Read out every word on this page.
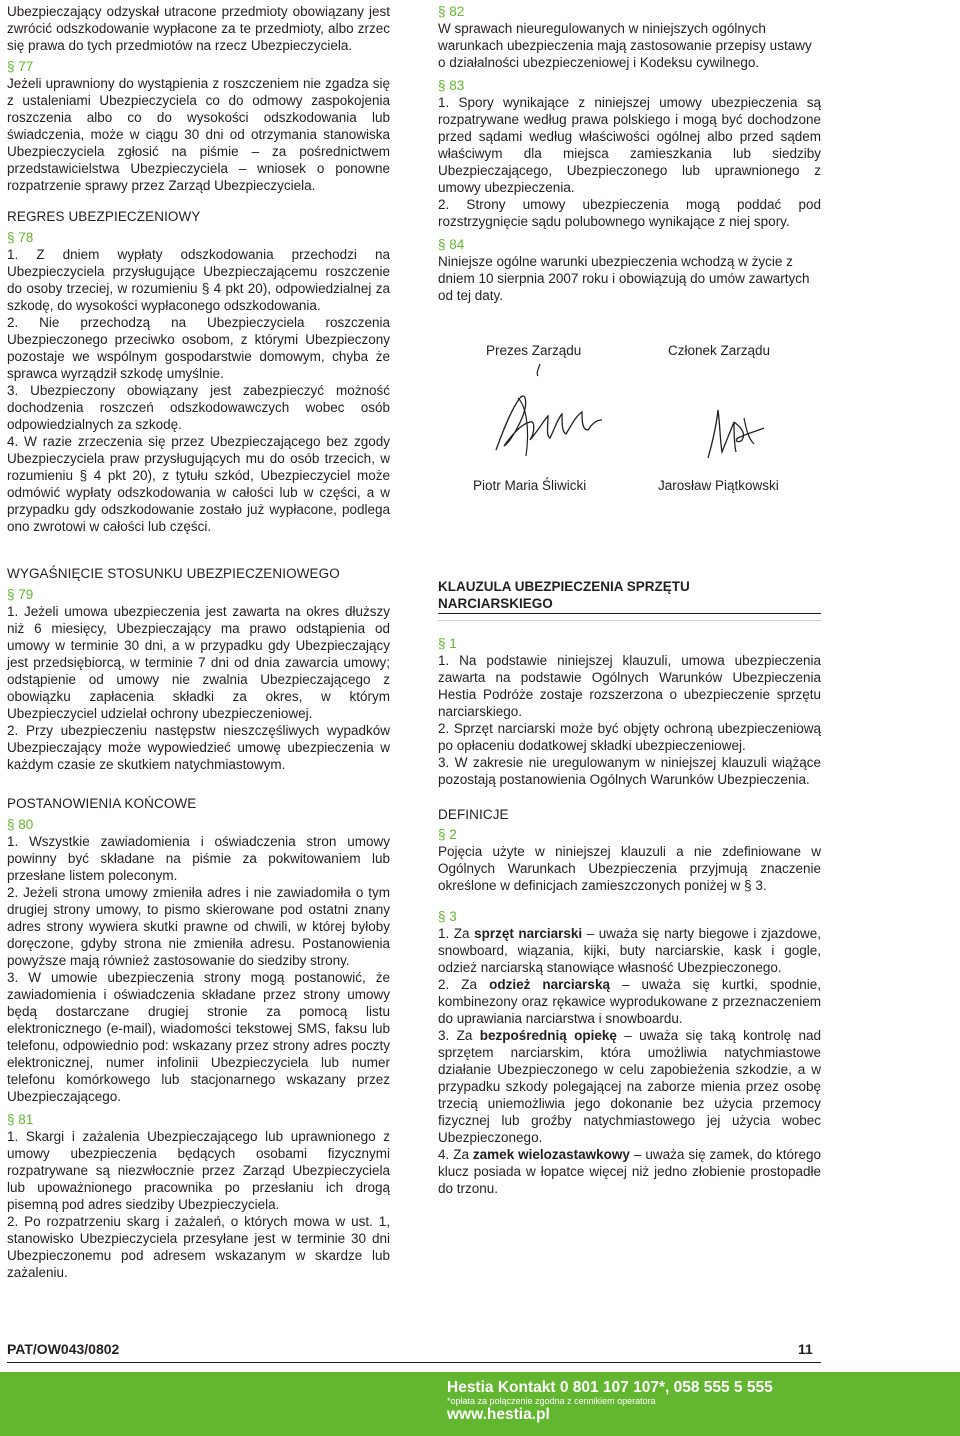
Ubezpieczający odzyskał utracone przedmioty obowiązany jest zwrócić odszkodowanie wypłacone za te przedmioty, albo zrzec się prawa do tych przedmiotów na rzecz Ubezpieczyciela.

§ 77

Jeżeli uprawniony do wystąpienia z roszczeniem nie zgadza się z ustaleniami Ubezpieczyciela co do odmowy zaspokojenia roszczenia albo co do wysokości odszkodowania lub świadczenia, może w ciągu 30 dni od otrzymania stanowiska Ubezpieczyciela zgłosić na piśmie – za pośrednictwem przedstawicielstwa Ubezpieczyciela – wniosek o ponowne rozpatrzenie sprawy przez Zarząd Ubezpieczyciela.

REGRES UBEZPIECZENIOWY
§ 78

1. Z dniem wypłaty odszkodowania przechodzi na Ubezpieczyciela przysługujące Ubezpieczającemu roszczenie do osoby trzeciej, w rozumieniu § 4 pkt 20), odpowiedzialnej za szkodę, do wysokości wypłaconego odszkodowania.

2. Nie przechodzą na Ubezpieczyciela roszczenia Ubezpieczonego przeciwko osobom, z którymi Ubezpieczony pozostaje we wspólnym gospodarstwie domowym, chyba że sprawca wyrządził szkodę umyślnie.

3. Ubezpieczony obowiązany jest zabezpieczyć możność dochodzenia roszczeń odszkodowawczych wobec osób odpowiedzialnych za szkodę.

4. W razie zrzeczenia się przez Ubezpieczającego bez zgody Ubezpieczyciela praw przysługujących mu do osób trzecich, w rozumieniu § 4 pkt 20), z tytułu szkód, Ubezpieczyciel może odmówić wypłaty odszkodowania w całości lub w części, a w przypadku gdy odszkodowanie zostało już wypłacone, podlega ono zwrotowi w całości lub części.

§ 82

W sprawach nieuregulowanych w niniejszych ogólnych warunkach ubezpieczenia mają zastosowanie przepisy ustawy o działalności ubezpieczeniowej i Kodeksu cywilnego.

§ 83

1. Spory wynikające z niniejszej umowy ubezpieczenia są rozpatrywane według prawa polskiego i mogą być dochodzone przed sądami według właściwości ogólnej albo przed sądem właściwym dla miejsca zamieszkania lub siedziby Ubezpieczającego, Ubezpieczonego lub uprawnionego z umowy ubezpieczenia.

2. Strony umowy ubezpieczenia mogą poddać pod rozstrzygnięcie sądu polubownego wynikające z niej spory.

§ 84

Niniejsze ogólne warunki ubezpieczenia wchodzą w życie z dniem 10 sierpnia 2007 roku i obowiązują do umów zawartych od tej daty.

Prezes Zarządu	Członek Zarządu
Piotr Maria Śliwicki	Jarosław Piątkowski
WYGAŚNIĘCIE STOSUNKU UBEZPIECZENIOWEGO
§ 79

1. Jeżeli umowa ubezpieczenia jest zawarta na okres dłuższy niż 6 miesięcy, Ubezpieczający ma prawo odstąpienia od umowy w terminie 30 dni, a w przypadku gdy Ubezpieczający jest przedsiębiorcą, w terminie 7 dni od dnia zawarcia umowy; odstąpienie od umowy nie zwalnia Ubezpieczającego z obowiązku zapłacenia składki za okres, w którym Ubezpieczyciel udzielał ochrony ubezpieczeniowej.

2. Przy ubezpieczeniu następstw nieszczęśliwych wypadków Ubezpieczający może wypowiedzieć umowę ubezpieczenia w każdym czasie ze skutkiem natychmiastowym.

POSTANOWIENIA KOŃCOWE
§ 80

1. Wszystkie zawiadomienia i oświadczenia stron umowy powinny być składane na piśmie za pokwitowaniem lub przesłane listem poleconym.

2. Jeżeli strona umowy zmieniła adres i nie zawiadomiła o tym drugiej strony umowy, to pismo skierowane pod ostatni znany adres strony wywiera skutki prawne od chwili, w której byłoby doręczone, gdyby strona nie zmieniła adresu. Postanowienia powyższe mają również zastosowanie do siedziby strony.

3. W umowie ubezpieczenia strony mogą postanowić, że zawiadomienia i oświadczenia składane przez strony umowy będą dostarczane drugiej stronie za pomocą listu elektronicznego (e-mail), wiadomości tekstowej SMS, faksu lub telefonu, odpowiednio pod: wskazany przez strony adres poczty elektronicznej, numer infolinii Ubezpieczyciela lub numer telefonu komórkowego lub stacjonarnego wskazany przez Ubezpieczającego.

§ 81

1. Skargi i zażalenia Ubezpieczającego lub uprawnionego z umowy ubezpieczenia będących osobami fizycznymi rozpatrywane są niezwłocznie przez Zarząd Ubezpieczyciela lub upoważnionego pracownika po przesłaniu ich drogą pisemną pod adres siedziby Ubezpieczyciela.

2. Po rozpatrzeniu skarg i zażaleń, o których mowa w ust. 1, stanowisko Ubezpieczyciela przesyłane jest w terminie 30 dni Ubezpieczonemu pod adresem wskazanym w skardze lub zażaleniu.

KLAUZULA UBEZPIECZENIA SPRZĘTU
NARCIARSKIEGO
§ 1

1. Na podstawie niniejszej klauzuli, umowa ubezpieczenia zawarta na podstawie Ogólnych Warunków Ubezpieczenia Hestia Podróże zostaje rozszerzona o ubezpieczenie sprzętu narciarskiego.

2. Sprzęt narciarski może być objęty ochroną ubezpieczeniową po opłaceniu dodatkowej składki ubezpieczeniowej.

3. W zakresie nie uregulowanym w niniejszej klauzuli wiążące pozostają postanowienia Ogólnych Warunków Ubezpieczenia.

DEFINICJE
§ 2

Pojęcia użyte w niniejszej klauzuli a nie zdefiniowane w Ogólnych Warunkach Ubezpieczenia przyjmują znaczenie określone w definicjach zamieszczonych poniżej w § 3.

§ 3

1. Za sprzęt narciarski – uważa się narty biegowe i zjazdowe, snowboard, wiązania, kijki, buty narciarskie, kask i gogle, odzież narciarską stanowiące własność Ubezpieczonego.

2. Za odzież narciarską – uważa się kurtki, spodnie, kombinezony oraz rękawice wyprodukowane z przeznaczeniem do uprawiania narciarstwa i snowboardu.

3. Za bezpośrednią opiekę – uważa się taką kontrolę nad sprzętem narciarskim, która umożliwia natychmiastowe działanie Ubezpieczonego w celu zapobieżenia szkodzie, a w przypadku szkody polegającej na zaborze mienia przez osobę trzecią uniemożliwia jego dokonanie bez użycia przemocy fizycznej lub groźby natychmiastowego jej użycia wobec Ubezpieczonego.

4. Za zamek wielozastawkowy – uważa się zamek, do którego klucz posiada w łopatce więcej niż jedno złobienie prostopadłe do trzonu.

PAT/OW043/0802	11
Hestia Kontakt 0 801 107 107*, 058 555 5 555
*opłata za połączenie zgodna z cennikiem operatora
www.hestia.pl
